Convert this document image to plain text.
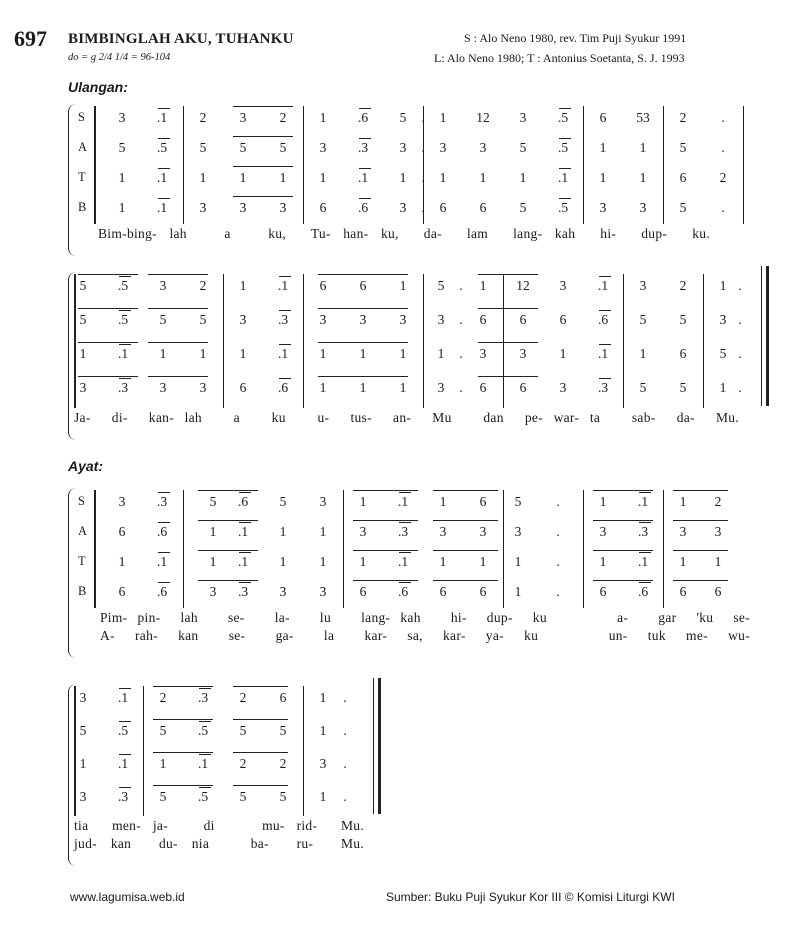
697 BIMBINGLAH AKU, TUHANKU
do = g 2/4 1/4 = 96-104
S : Alo Neno 1980, rev. Tim Puji Syukur 1991
L: Alo Neno 1980; T : Antonius Soetanta, S. J. 1993
Ulangan:
Ayat:
S	3	.1	2	3	2	1	.6	5	1	12	3	.5	6	53	2	.
A	5	.5	5	5	5	3	.3	3	3	3	5	.5	1	1	5	.
T	1	.1	1	1	1	1	.1	1	1	1	1	.1	1	1	6	2
B	1	.1	3	3	3	6	.6	3	6	6	5	.5	3	3	5	.
Bim-bing- lah   a   ku,  Tu- han- ku,  da-  lam  lang- kah  hi-  dup-  ku.
5	.5	3	2	1	.1	6	6	1	5	.	1	12	3	.1	3	2	1 .
5	.5	5	5	3	.3	3	3	3	3	.	6	6	6	.6	5	5	3 .
1	.1	1	1	1	.1	1	1	1	1	.	3	3	1	.1	1	6	5 .
3	.3	3	3	6	.6	1	1	1	3	.	6	6	3	.3	5	5	1 .
Ja-  di-  kan- lah   a   ku   u-  tus-  an-  Mu   dan  pe- war- ta   sab-  da-  Mu.
S	3	.3	5	.6	5	3	1	.1	1	6	5	.	1	.1	1	2
A	6	.6	1	.1	1	1	3	.3	3	3	3	.	3	.3	3	3
T	1	.1	1	.1	1	1	1	.1	1	1	1	.	1	.1	1	1
B	6	.6	3	.3	3	3	6	.6	6	6	1	.	6	.6	6	6
Pim- pin-  lah   se-   la-   lu   lang- kah   hi-  dup-  ku       a-   gar  'ku  se-
A-  rah-  kan   se-   ga-   la   kar-  sa,  kar-  ya-  ku       un-  tuk  me-  wu-
3	.1	2	.3	2	6	1	.
5	.5	5	.5	5	5	1	.
1	.1	1	.1	2	2	3	.
3	.3	5	.5	5	5	1	.
tia  men- ja-   di    mu- rid-  Mu.
jud- kan  du- nia   ba-  ru-  Mu.
www.lagumisa.web.id	Sumber: Buku Puji Syukur Kor III © Komisi Liturgi KWI
